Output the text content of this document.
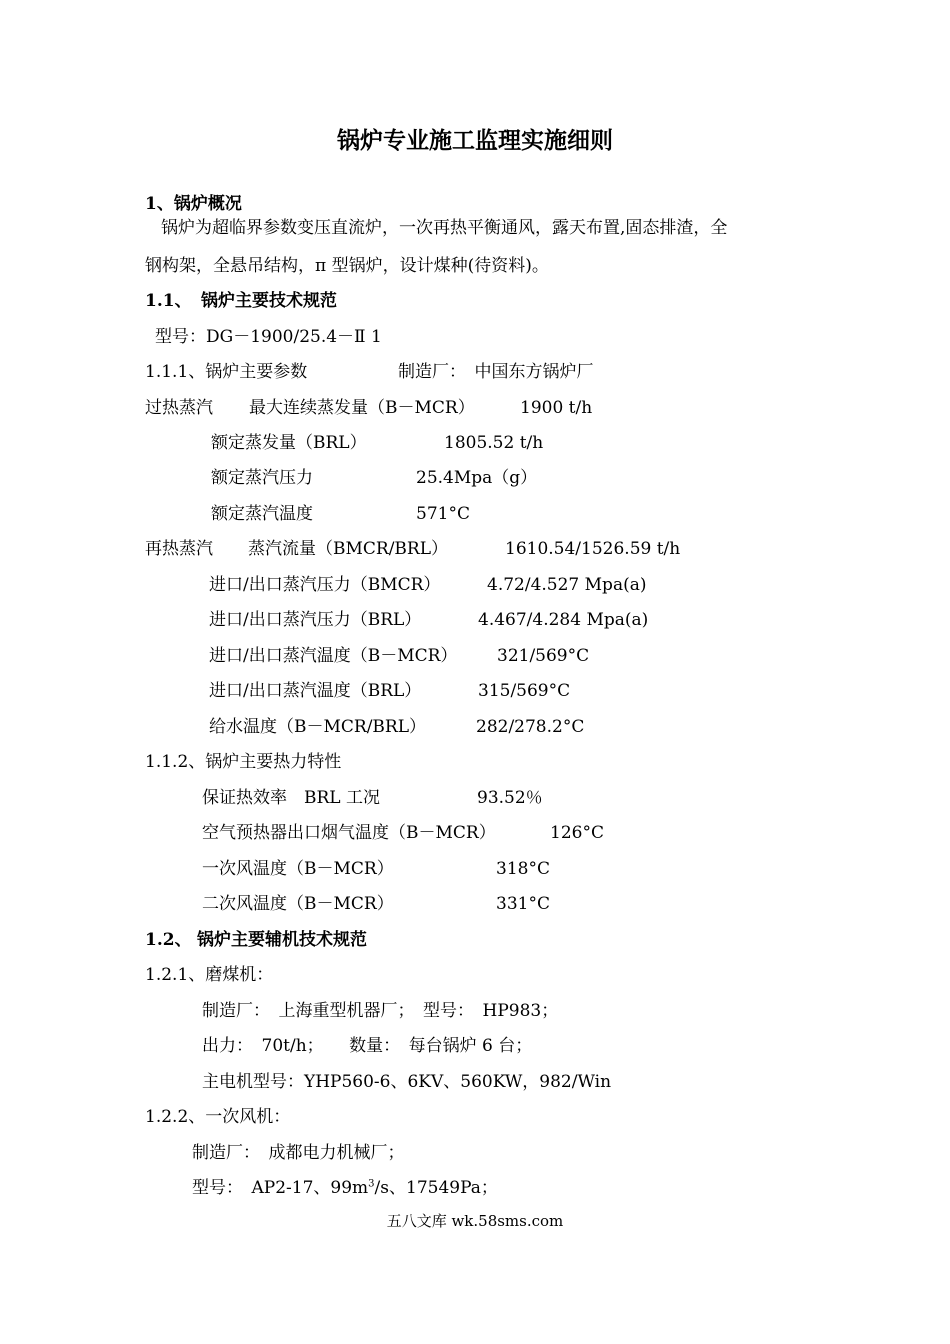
锅炉专业施工监理实施细则
1、锅炉概况
锅炉为超临界参数变压直流炉，一次再热平衡通风，露天布置,固态排渣，全
钢构架，全悬吊结构，π 型锅炉，设计煤种(待资料)。
1.1、 锅炉主要技术规范
型号：DG－1900/25.4－Ⅱ 1
1.1.1、锅炉主要参数	制造厂：　中国东方锅炉厂
过热蒸汽 最大连续蒸发量（B－MCR）	1900 t/h
额定蒸发量（BRL）	1805.52 t/h
额定蒸汽压力	25.4Mpa（g）
额定蒸汽温度	571°C
再热蒸汽 蒸汽流量（BMCR/BRL）	1610.54/1526.59 t/h
进口/出口蒸汽压力（BMCR）	4.72/4.527 Mpa(a)
进口/出口蒸汽压力（BRL）	4.467/4.284 Mpa(a)
进口/出口蒸汽温度（B－MCR） 321/569°C
进口/出口蒸汽温度（BRL）	315/569°C
给水温度（B－MCR/BRL）	282/278.2°C
1.1.2、锅炉主要热力特性
保证热效率　BRL 工况	93.52％
空气预热器出口烟气温度（B－MCR）	126°C
一次风温度（B－MCR）	318°C
二次风温度（B－MCR）	331°C
1.2、 锅炉主要辅机技术规范
1.2.1、磨煤机：
制造厂：　上海重型机器厂；　型号：　HP983；
出力：　70t/h；　　数量：　每台锅炉 6 台；
主电机型号：YHP560-6、6KV、560KW，982/Win
1.2.2、一次风机：
制造厂：　成都电力机械厂；
型号：　AP2-17、$99m^3/s$、17549Pa；
五八文库 wk.58sms.com
